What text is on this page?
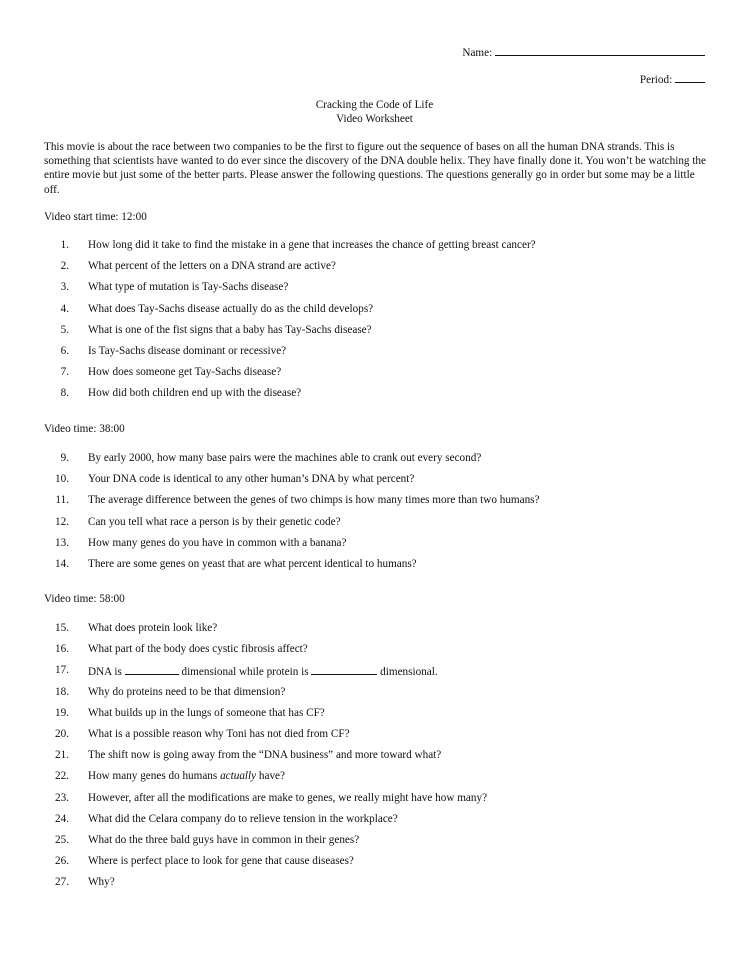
Name:
Period:
Cracking the Code of Life
Video Worksheet
This movie is about the race between two companies to be the first to figure out the sequence of bases on all the human DNA strands. This is something that scientists have wanted to do ever since the discovery of the DNA double helix. They have finally done it. You won’t be watching the entire movie but just some of the better parts. Please answer the following questions. The questions generally go in order but some may be a little off.
Video start time: 12:00
1. How long did it take to find the mistake in a gene that increases the chance of getting breast cancer?
2. What percent of the letters on a DNA strand are active?
3. What type of mutation is Tay-Sachs disease?
4. What does Tay-Sachs disease actually do as the child develops?
5. What is one of the fist signs that a baby has Tay-Sachs disease?
6. Is Tay-Sachs disease dominant or recessive?
7. How does someone get Tay-Sachs disease?
8. How did both children end up with the disease?
Video time: 38:00
9. By early 2000, how many base pairs were the machines able to crank out every second?
10. Your DNA code is identical to any other human’s DNA by what percent?
11. The average difference between the genes of two chimps is how many times more than two humans?
12. Can you tell what race a person is by their genetic code?
13. How many genes do you have in common with a banana?
14. There are some genes on yeast that are what percent identical to humans?
Video time: 58:00
15. What does protein look like?
16. What part of the body does cystic fibrosis affect?
17. DNA is	dimensional while protein is	dimensional.
18. Why do proteins need to be that dimension?
19. What builds up in the lungs of someone that has CF?
20. What is a possible reason why Toni has not died from CF?
21. The shift now is going away from the “DNA business” and more toward what?
22. How many genes do humans actually have?
23. However, after all the modifications are make to genes, we really might have how many?
24. What did the Celara company do to relieve tension in the workplace?
25. What do the three bald guys have in common in their genes?
26. Where is perfect place to look for gene that cause diseases?
27. Why?
